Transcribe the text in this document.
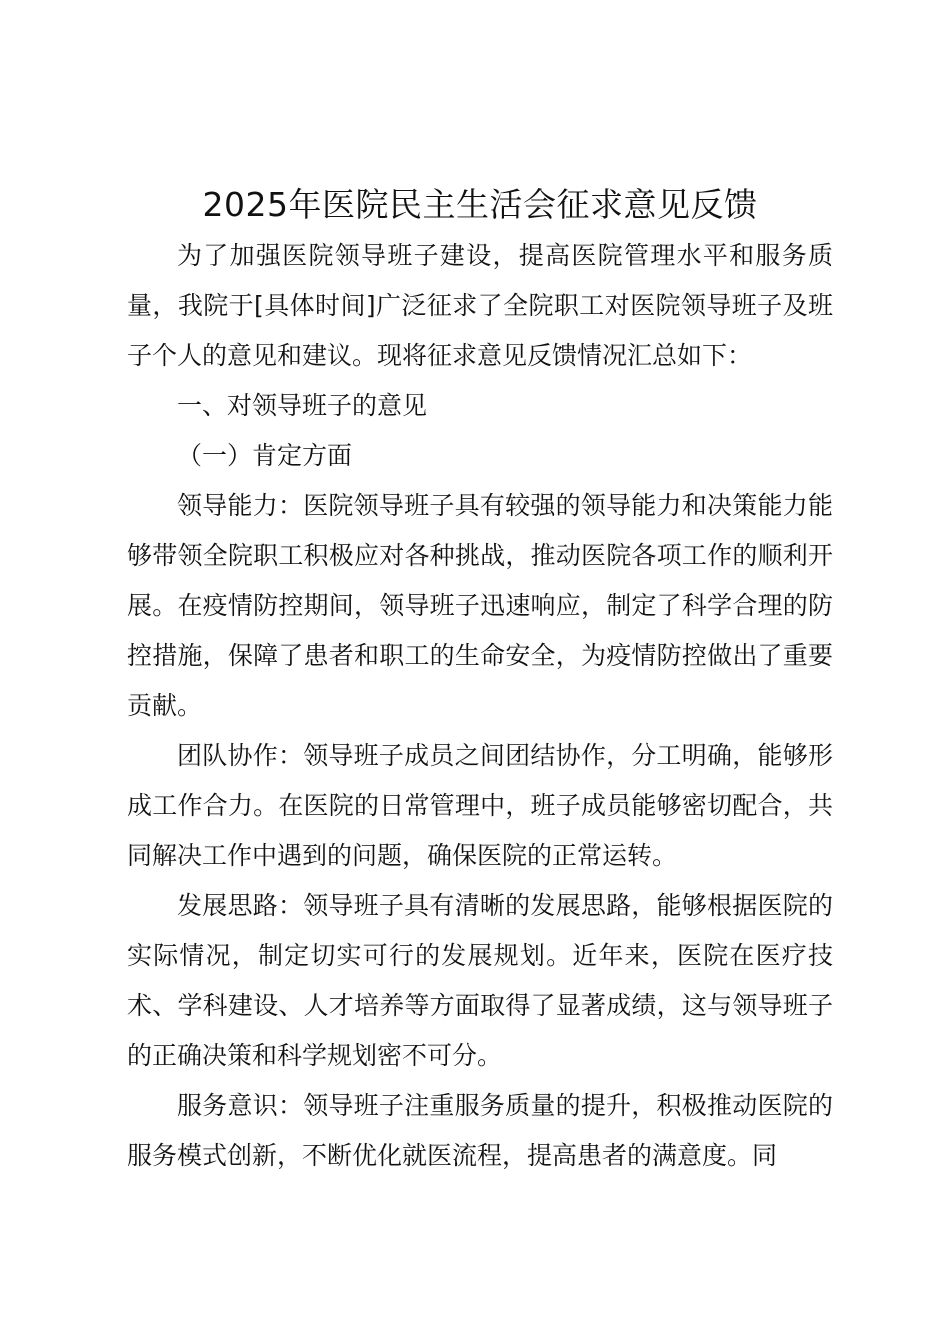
2025年医院民主生活会征求意见反馈

为了加强医院领导班子建设，提高医院管理水平和服务质量，我院于[具体时间]广泛征求了全院职工对医院领导班子及班子个人的意见和建议。现将征求意见反馈情况汇总如下：

一、对领导班子的意见

（一）肯定方面

领导能力：医院领导班子具有较强的领导能力和决策能力能够带领全院职工积极应对各种挑战，推动医院各项工作的顺利开展。在疫情防控期间，领导班子迅速响应，制定了科学合理的防控措施，保障了患者和职工的生命安全，为疫情防控做出了重要贡献。

团队协作：领导班子成员之间团结协作，分工明确，能够形成工作合力。在医院的日常管理中，班子成员能够密切配合，共同解决工作中遇到的问题，确保医院的正常运转。

发展思路：领导班子具有清晰的发展思路，能够根据医院的实际情况，制定切实可行的发展规划。近年来，医院在医疗技术、学科建设、人才培养等方面取得了显著成绩，这与领导班子的正确决策和科学规划密不可分。

服务意识：领导班子注重服务质量的提升，积极推动医院的服务模式创新，不断优化就医流程，提高患者的满意度。同
